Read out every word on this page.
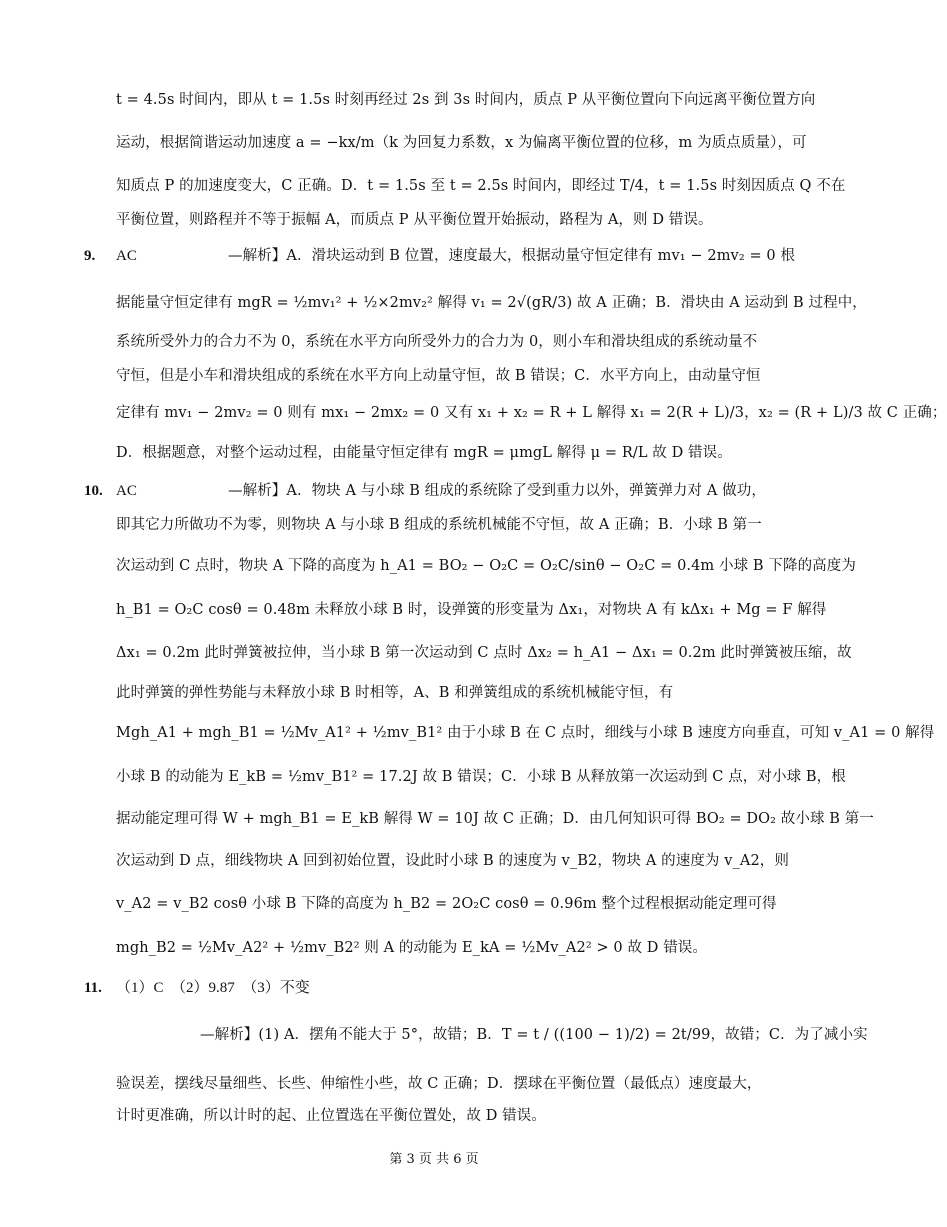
t = 4.5s 时间内，即从 t = 1.5s 时刻再经过 2s 到 3s 时间内，质点 P 从平衡位置向下向远离平衡位置方向
运动，根据简谐运动加速度 a = −kx/m（k 为回复力系数，x 为偏离平衡位置的位移，m 为质点质量），可
知质点 P 的加速度变大，C 正确。D．t = 1.5s 至 t = 2.5s 时间内，即经过 T/4，t = 1.5s 时刻因质点 Q 不在
平衡位置，则路程并不等于振幅 A，而质点 P 从平衡位置开始振动，路程为 A，则 D 错误。
9.	AC	—解析】A．滑块运动到 B 位置，速度最大，根据动量守恒定律有 mv₁ − 2mv₂ = 0 根
据能量守恒定律有 mgR = ½mv₁² + ½×2mv₂² 解得 v₁ = 2√(gR/3) 故 A 正确；B．滑块由 A 运动到 B 过程中，
系统所受外力的合力不为 0，系统在水平方向所受外力的合力为 0，则小车和滑块组成的系统动量不
守恒，但是小车和滑块组成的系统在水平方向上动量守恒，故 B 错误；C．水平方向上，由动量守恒
定律有 mv₁ − 2mv₂ = 0 则有 mx₁ − 2mx₂ = 0 又有 x₁ + x₂ = R + L 解得 x₁ = 2(R + L)/3，x₂ = (R + L)/3 故 C 正确；
D．根据题意，对整个运动过程，由能量守恒定律有 mgR = μmgL 解得 μ = R/L 故 D 错误。
10. AC	—解析】A．物块 A 与小球 B 组成的系统除了受到重力以外，弹簧弹力对 A 做功，
即其它力所做功不为零，则物块 A 与小球 B 组成的系统机械能不守恒，故 A 正确；B．小球 B 第一
次运动到 C 点时，物块 A 下降的高度为 h_A1 = BO₂ − O₂C = O₂C/sinθ − O₂C = 0.4m 小球 B 下降的高度为
h_B1 = O₂C cosθ = 0.48m 未释放小球 B 时，设弹簧的形变量为 Δx₁，对物块 A 有 kΔx₁ + Mg = F 解得
Δx₁ = 0.2m 此时弹簧被拉伸，当小球 B 第一次运动到 C 点时 Δx₂ = h_A1 − Δx₁ = 0.2m 此时弹簧被压缩，故
此时弹簧的弹性势能与未释放小球 B 时相等，A、B 和弹簧组成的系统机械能守恒，有
Mgh_A1 + mgh_B1 = ½Mv_A1² + ½mv_B1² 由于小球 B 在 C 点时，细线与小球 B 速度方向垂直，可知 v_A1 = 0 解得
小球 B 的动能为 E_kB = ½mv_B1² = 17.2J 故 B 错误；C．小球 B 从释放第一次运动到 C 点，对小球 B，根
据动能定理可得 W + mgh_B1 = E_kB 解得 W = 10J 故 C 正确；D．由几何知识可得 BO₂ = DO₂ 故小球 B 第一
次运动到 D 点，细线物块 A 回到初始位置，设此时小球 B 的速度为 v_B2，物块 A 的速度为 v_A2，则
v_A2 = v_B2 cosθ 小球 B 下降的高度为 h_B2 = 2O₂C cosθ = 0.96m 整个过程根据动能定理可得
mgh_B2 = ½Mv_A2² + ½mv_B2² 则 A 的动能为 E_kA = ½Mv_A2² > 0 故 D 错误。
11. （1）C　（2）9.87　（3）不变
—解析】(1) A．摆角不能大于 5°，故错；B．T = t / ((100 − 1)/2) = 2t/99，故错；C．为了减小实
验误差，摆线尽量细些、长些、伸缩性小些，故 C 正确；D．摆球在平衡位置（最低点）速度最大，
计时更准确，所以计时的起、止位置选在平衡位置处，故 D 错误。
第 3 页 共 6 页
